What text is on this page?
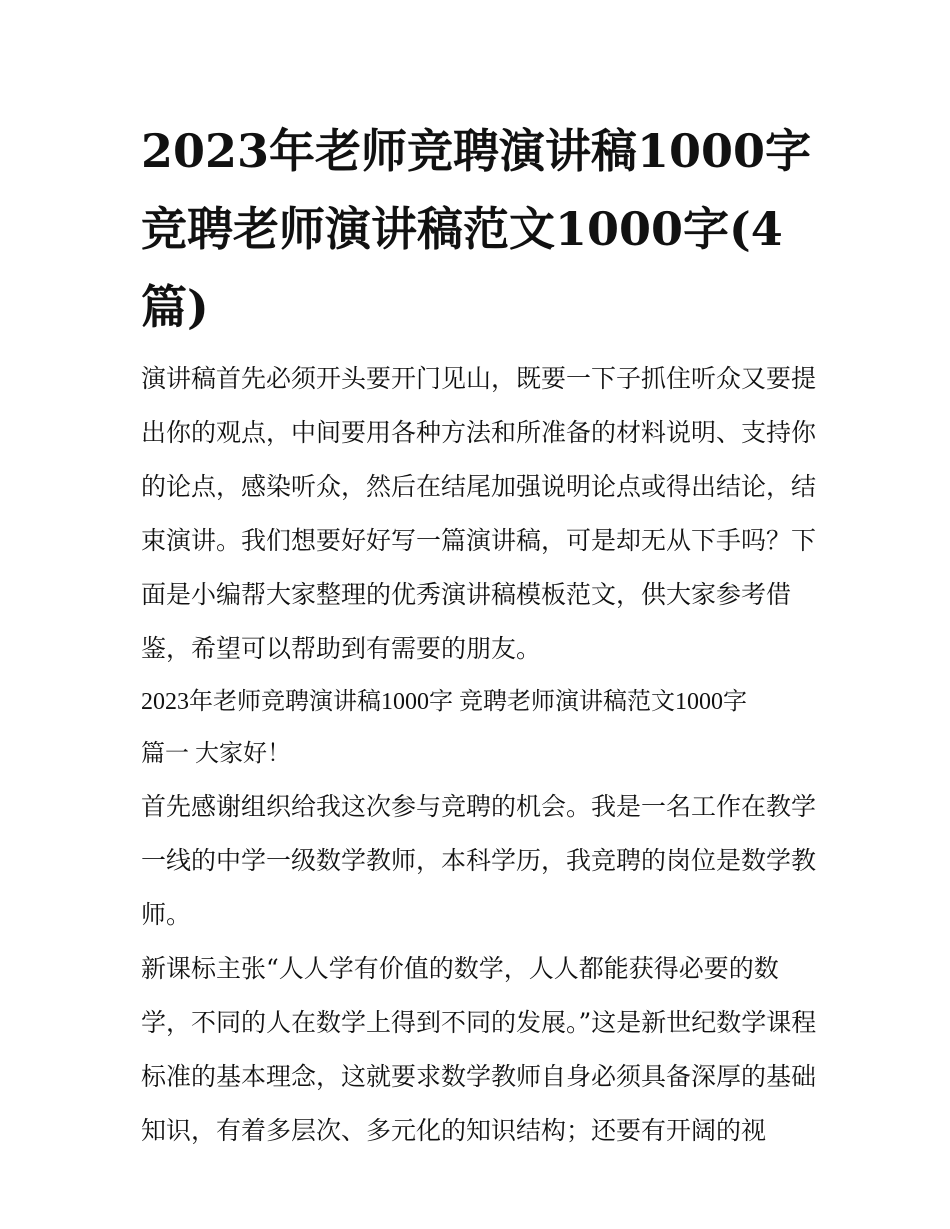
2023年老师竞聘演讲稿1000字 竞聘老师演讲稿范文1000字(4篇)

演讲稿首先必须开头要开门见山，既要一下子抓住听众又要提出你的观点，中间要用各种方法和所准备的材料说明、支持你的论点，感染听众，然后在结尾加强说明论点或得出结论，结束演讲。我们想要好好写一篇演讲稿，可是却无从下手吗？下面是小编帮大家整理的优秀演讲稿模板范文，供大家参考借鉴，希望可以帮助到有需要的朋友。

2023年老师竞聘演讲稿1000字 竞聘老师演讲稿范文1000字

篇一 大家好！

首先感谢组织给我这次参与竞聘的机会。我是一名工作在教学一线的中学一级数学教师，本科学历，我竞聘的岗位是数学教师。

新课标主张“人人学有价值的数学，人人都能获得必要的数学，不同的人在数学上得到不同的发展。”这是新世纪数学课程标准的基本理念，这就要求数学教师自身必须具备深厚的基础知识，有着多层次、多元化的知识结构；还要有开阔的视
